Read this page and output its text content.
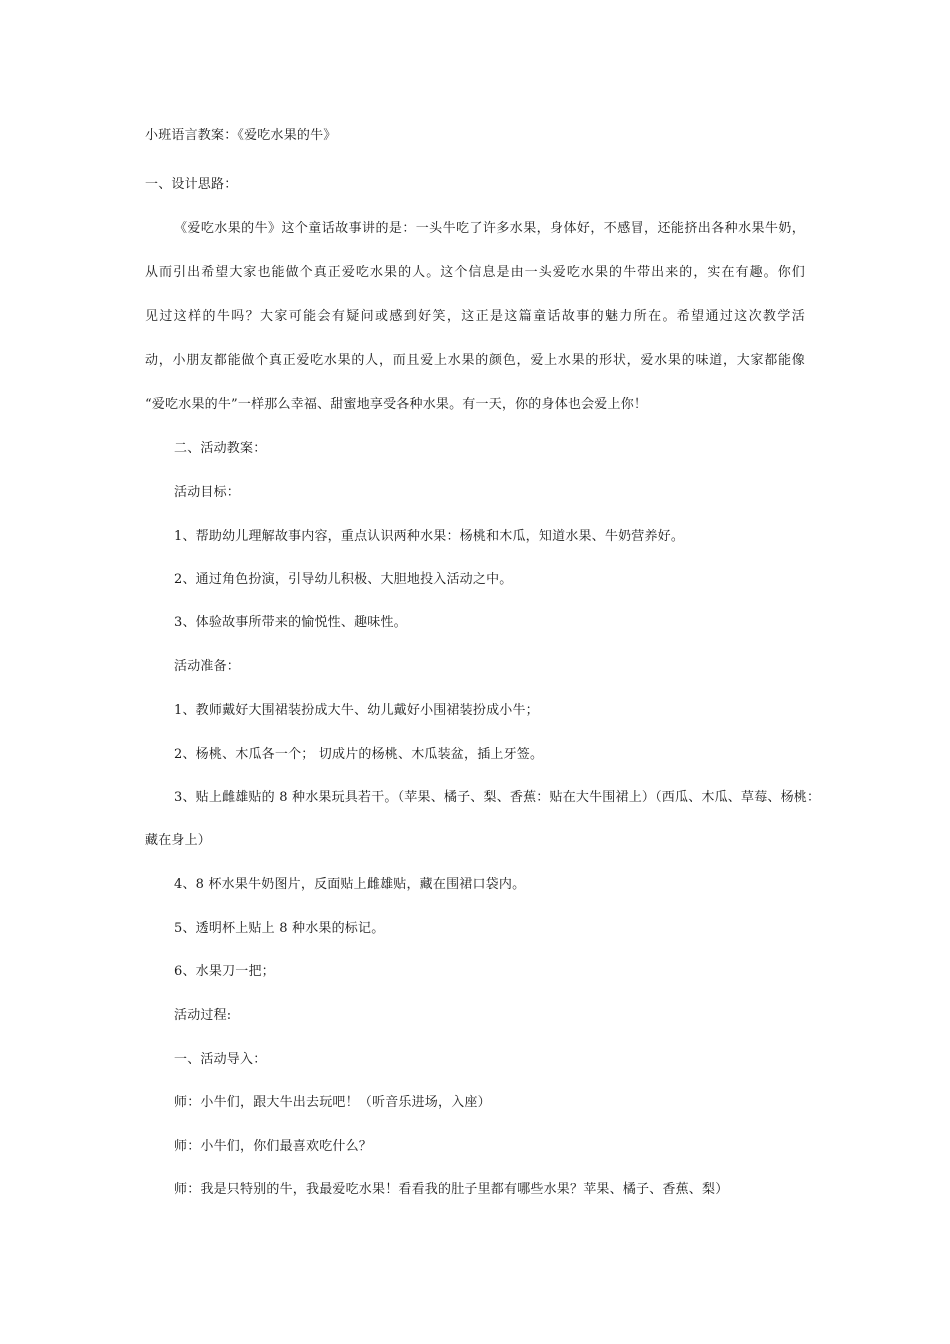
小班语言教案：《爱吃水果的牛》
一、设计思路：
《爱吃水果的牛》这个童话故事讲的是：一头牛吃了许多水果，身体好，不感冒，还能挤出各种水果牛奶，
从而引出希望大家也能做个真正爱吃水果的人。这个信息是由一头爱吃水果的牛带出来的，实在有趣。你们
见过这样的牛吗？大家可能会有疑问或感到好笑，这正是这篇童话故事的魅力所在。希望通过这次教学活
动，小朋友都能做个真正爱吃水果的人，而且爱上水果的颜色，爱上水果的形状，爱水果的味道，大家都能像
“爱吃水果的牛”一样那么幸福、甜蜜地享受各种水果。有一天，你的身体也会爱上你！
二、活动教案：
活动目标：
1、帮助幼儿理解故事内容，重点认识两种水果：杨桃和木瓜，知道水果、牛奶营养好。
2、通过角色扮演，引导幼儿积极、大胆地投入活动之中。
3、体验故事所带来的愉悦性、趣味性。
活动准备：
1、教师戴好大围裙装扮成大牛、幼儿戴好小围裙装扮成小牛；
2、杨桃、木瓜各一个； 切成片的杨桃、木瓜装盆，插上牙签。
3、贴上雌雄贴的 8 种水果玩具若干。（苹果、橘子、梨、香蕉：贴在大牛围裙上）（西瓜、木瓜、草莓、杨桃：
藏在身上）
4、8 杯水果牛奶图片，反面贴上雌雄贴，藏在围裙口袋内。
5、透明杯上贴上 8 种水果的标记。
6、水果刀一把；
活动过程:
一、活动导入：
师：小牛们，跟大牛出去玩吧！（听音乐进场，入座）
师：小牛们，你们最喜欢吃什么？
师：我是只特别的牛，我最爱吃水果！看看我的肚子里都有哪些水果？苹果、橘子、香蕉、梨）
